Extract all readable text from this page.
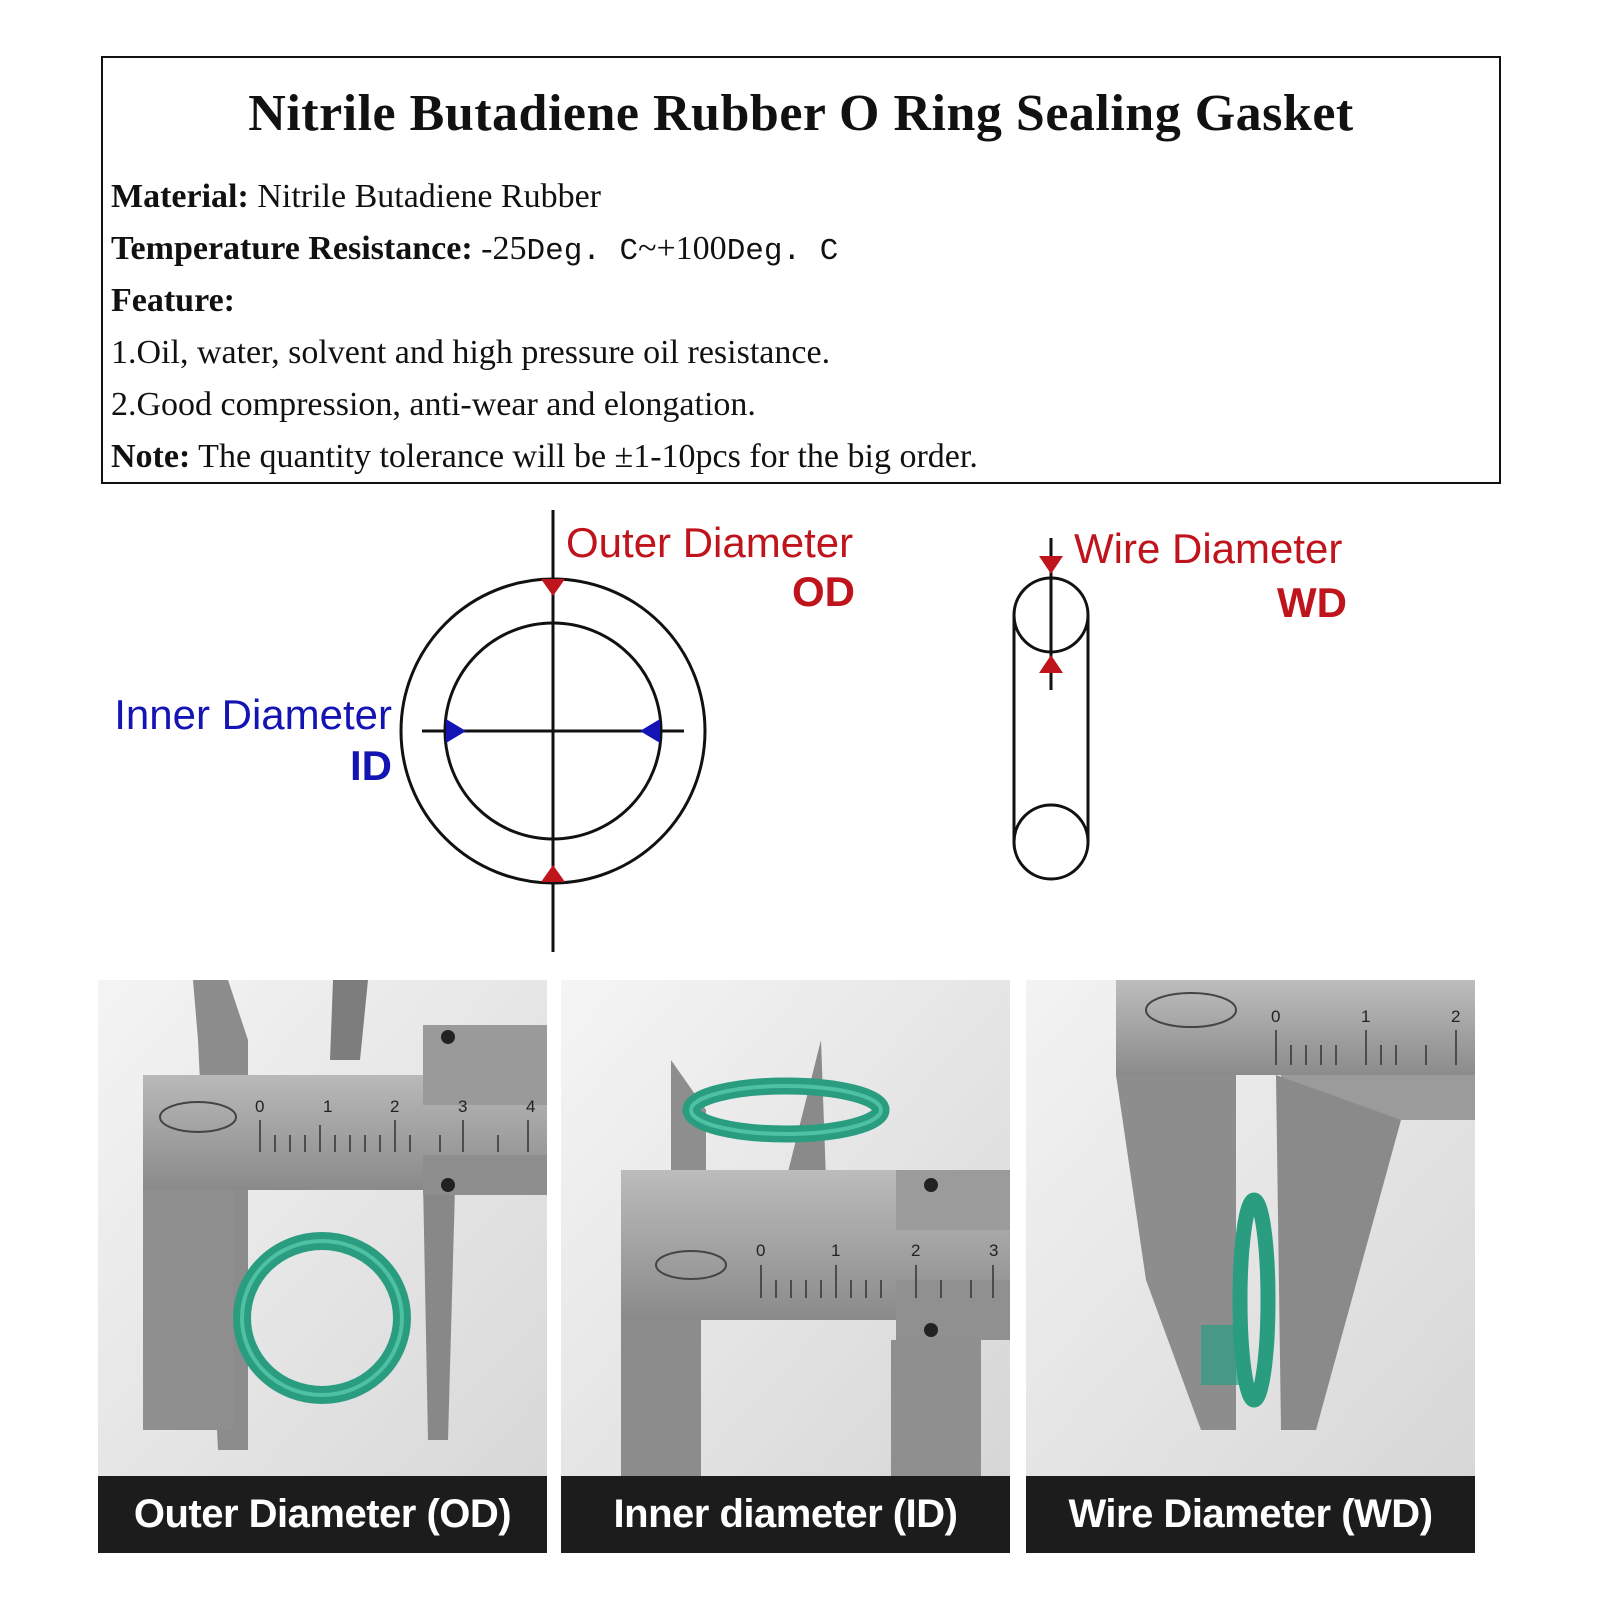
Nitrile Butadiene Rubber O Ring Sealing Gasket
Material: Nitrile Butadiene Rubber
Temperature Resistance: -25Deg. C~+100Deg. C
Feature:
1.Oil, water, solvent and high pressure oil resistance.
2.Good compression, anti-wear and elongation.
Note: The quantity tolerance will be ±1-10pcs for the big order.
Outer Diameter
OD
Inner Diameter
ID
Wire Diameter
WD
0	1	2	3	4
Outer Diameter (OD)
0	1	2	3
Inner diameter (ID)
0	1	2
Wire Diameter (WD)
